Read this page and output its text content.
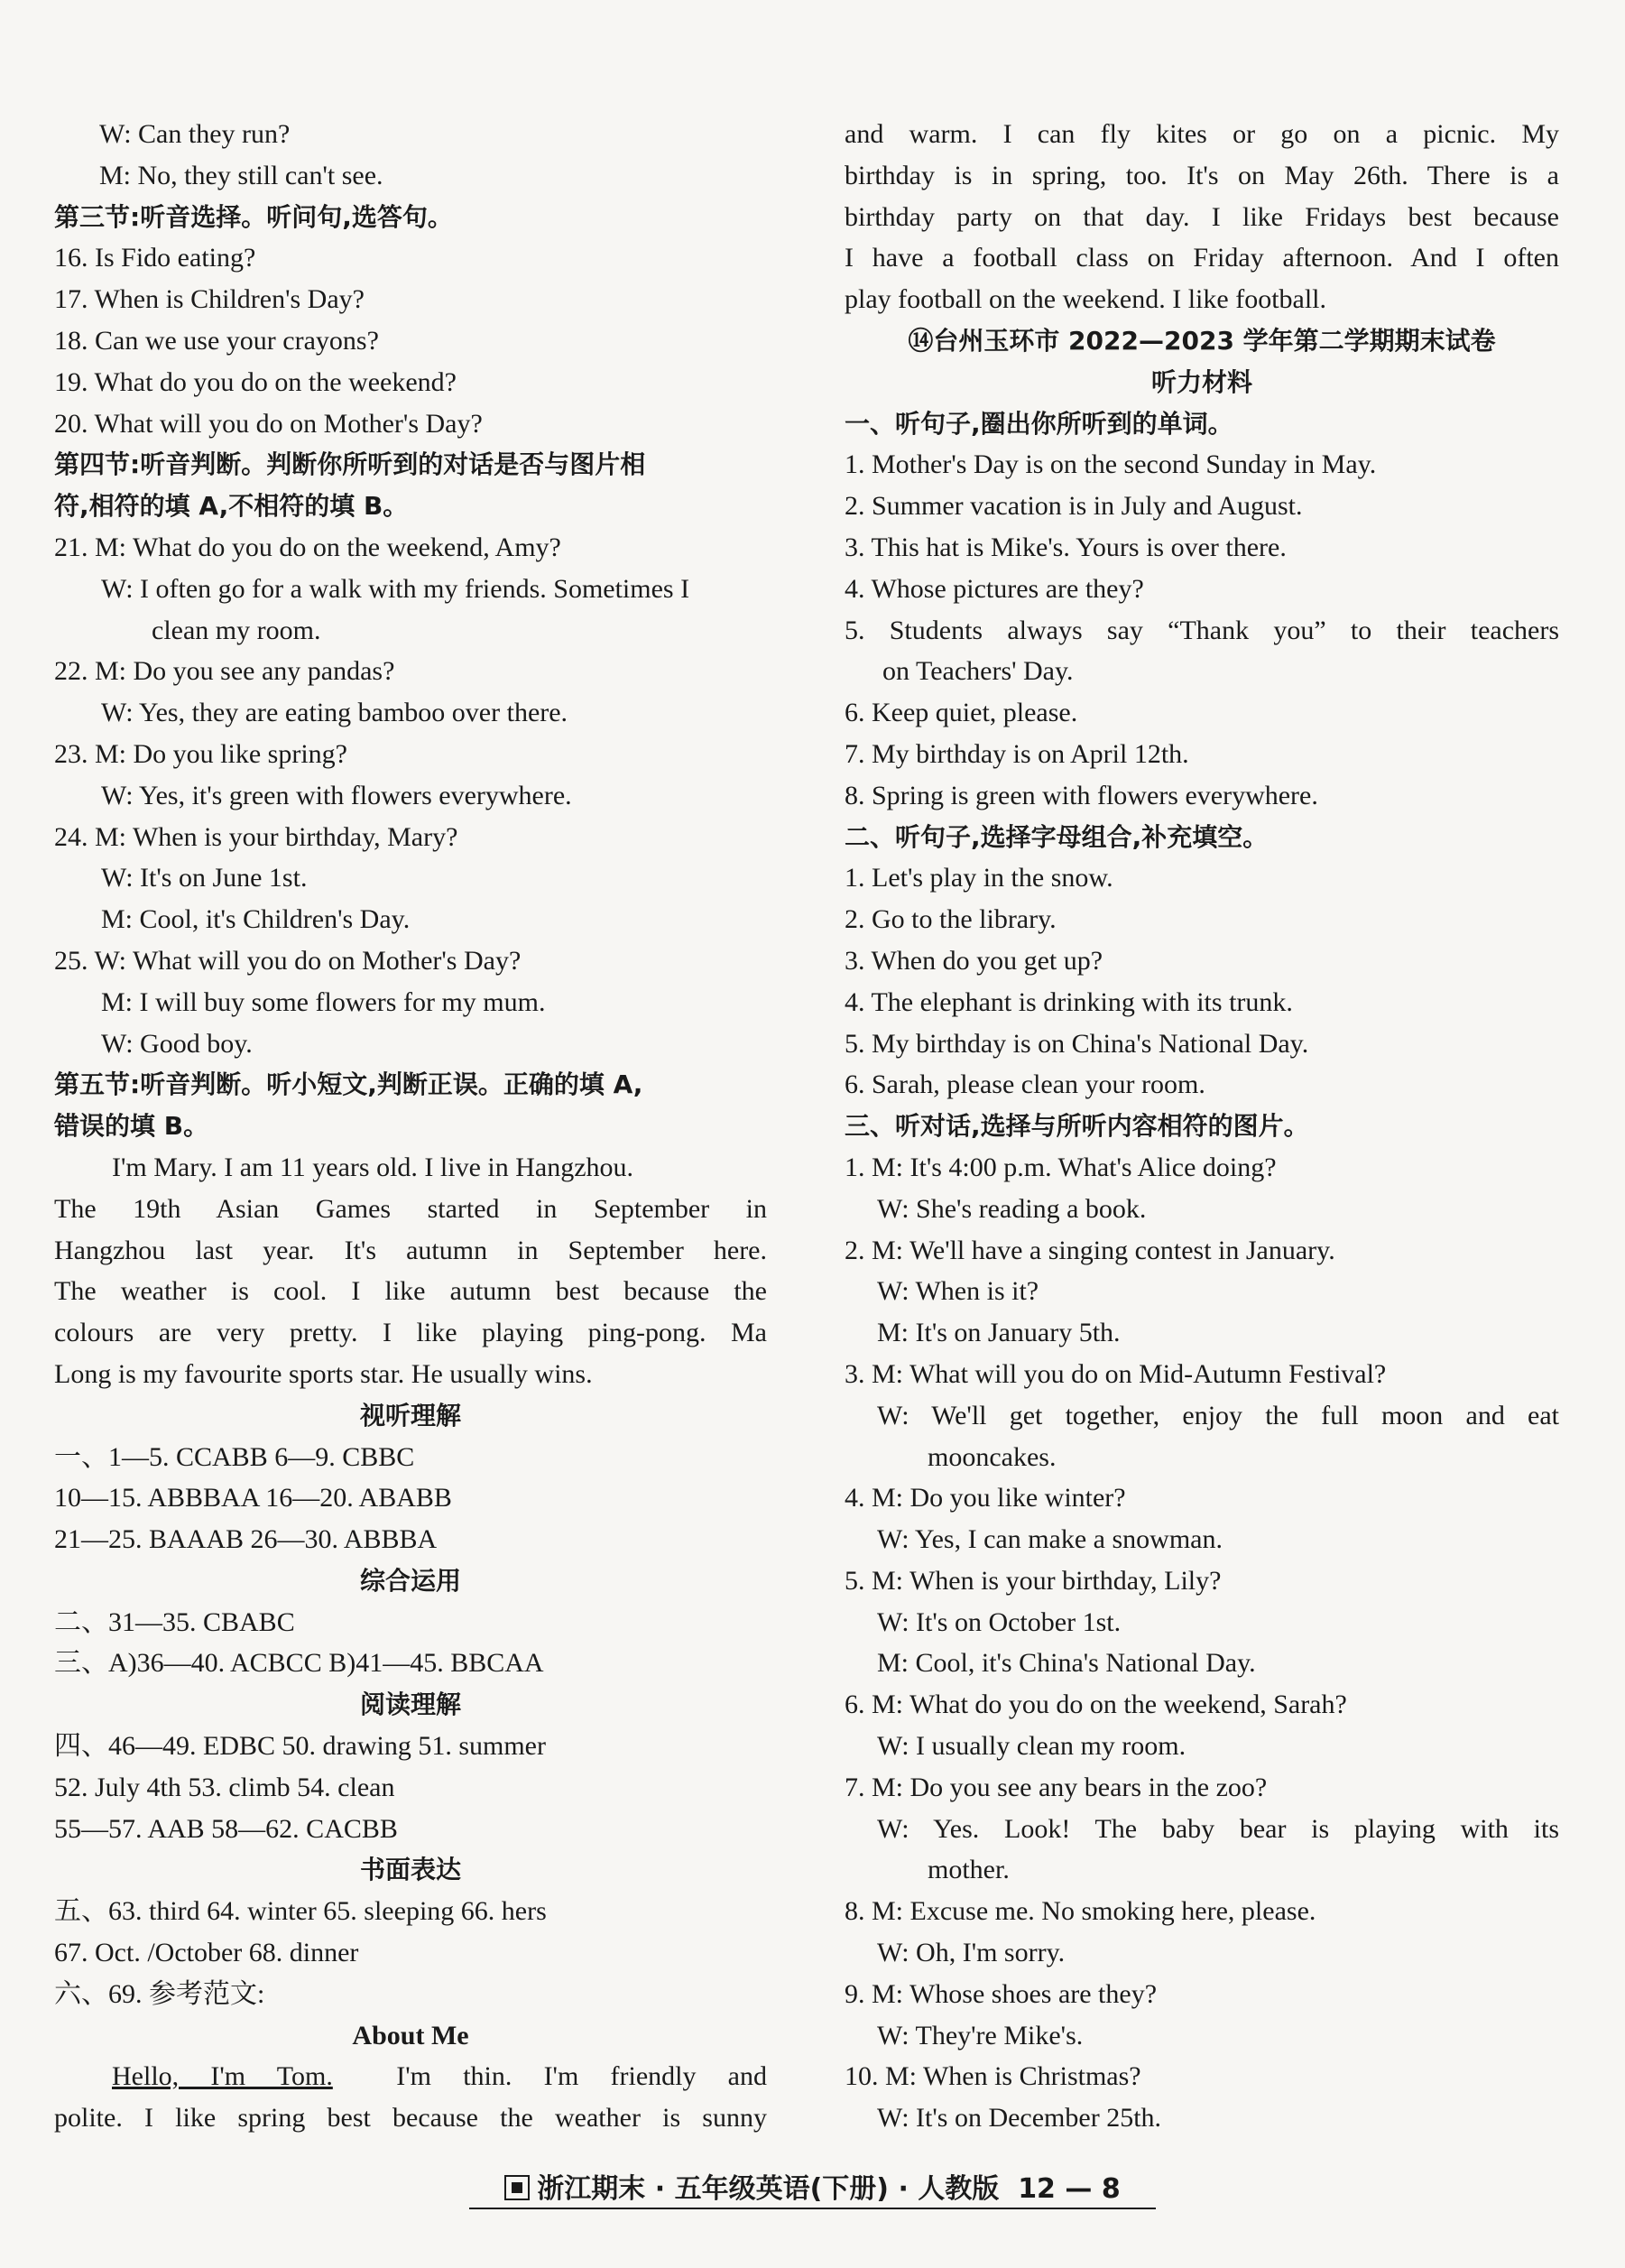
W: Can they run?
M: No, they still can't see.
第三节:听音选择。听问句,选答句。
16. Is Fido eating?
17. When is Children's Day?
18. Can we use your crayons?
19. What do you do on the weekend?
20. What will you do on Mother's Day?
第四节:听音判断。判断你所听到的对话是否与图片相
符,相符的填 A,不相符的填 B。
21. M: What do you do on the weekend, Amy?
W: I often go for a walk with my friends. Sometimes I
clean my room.
22. M: Do you see any pandas?
W: Yes, they are eating bamboo over there.
23. M: Do you like spring?
W: Yes, it's green with flowers everywhere.
24. M: When is your birthday, Mary?
W: It's on June 1st.
M: Cool, it's Children's Day.
25. W: What will you do on Mother's Day?
M: I will buy some flowers for my mum.
W: Good boy.
第五节:听音判断。听小短文,判断正误。正确的填 A,
错误的填 B。
I'm Mary. I am 11 years old. I live in Hangzhou.
The 19th Asian Games started in September in
Hangzhou last year. It's autumn in September here.
The weather is cool. I like autumn best because the
colours are very pretty. I like playing ping-pong. Ma
Long is my favourite sports star. He usually wins.
视听理解
一、1—5. CCABB 6—9. CBBC
10—15. ABBBAA 16—20. ABABB
21—25. BAAAB 26—30. ABBBA
综合运用
二、31—35. CBABC
三、A)36—40. ACBCC B)41—45. BBCAA
阅读理解
四、46—49. EDBC 50. drawing 51. summer
52. July 4th 53. climb 54. clean
55—57. AAB 58—62. CACBB
书面表达
五、63. third 64. winter 65. sleeping 66. hers
67. Oct. /October 68. dinner
六、69. 参考范文:
About Me
Hello, I'm Tom. I'm thin. I'm friendly and
polite. I like spring best because the weather is sunny
and warm. I can fly kites or go on a picnic. My
birthday is in spring, too. It's on May 26th. There is a
birthday party on that day. I like Fridays best because
I have a football class on Friday afternoon. And I often
play football on the weekend. I like football.
⑭台州玉环市 2022—2023 学年第二学期期末试卷
听力材料
一、听句子,圈出你所听到的单词。
1. Mother's Day is on the second Sunday in May.
2. Summer vacation is in July and August.
3. This hat is Mike's. Yours is over there.
4. Whose pictures are they?
5. Students always say “Thank you” to their teachers
on Teachers' Day.
6. Keep quiet, please.
7. My birthday is on April 12th.
8. Spring is green with flowers everywhere.
二、听句子,选择字母组合,补充填空。
1. Let's play in the snow.
2. Go to the library.
3. When do you get up?
4. The elephant is drinking with its trunk.
5. My birthday is on China's National Day.
6. Sarah, please clean your room.
三、听对话,选择与所听内容相符的图片。
1. M: It's 4:00 p.m. What's Alice doing?
W: She's reading a book.
2. M: We'll have a singing contest in January.
W: When is it?
M: It's on January 5th.
3. M: What will you do on Mid-Autumn Festival?
W: We'll get together, enjoy the full moon and eat
mooncakes.
4. M: Do you like winter?
W: Yes, I can make a snowman.
5. M: When is your birthday, Lily?
W: It's on October 1st.
M: Cool, it's China's National Day.
6. M: What do you do on the weekend, Sarah?
W: I usually clean my room.
7. M: Do you see any bears in the zoo?
W: Yes. Look! The baby bear is playing with its
mother.
8. M: Excuse me. No smoking here, please.
W: Oh, I'm sorry.
9. M: Whose shoes are they?
W: They're Mike's.
10. M: When is Christmas?
W: It's on December 25th.
浙江期末 · 五年级英语(下册) · 人教版 12 — 8
